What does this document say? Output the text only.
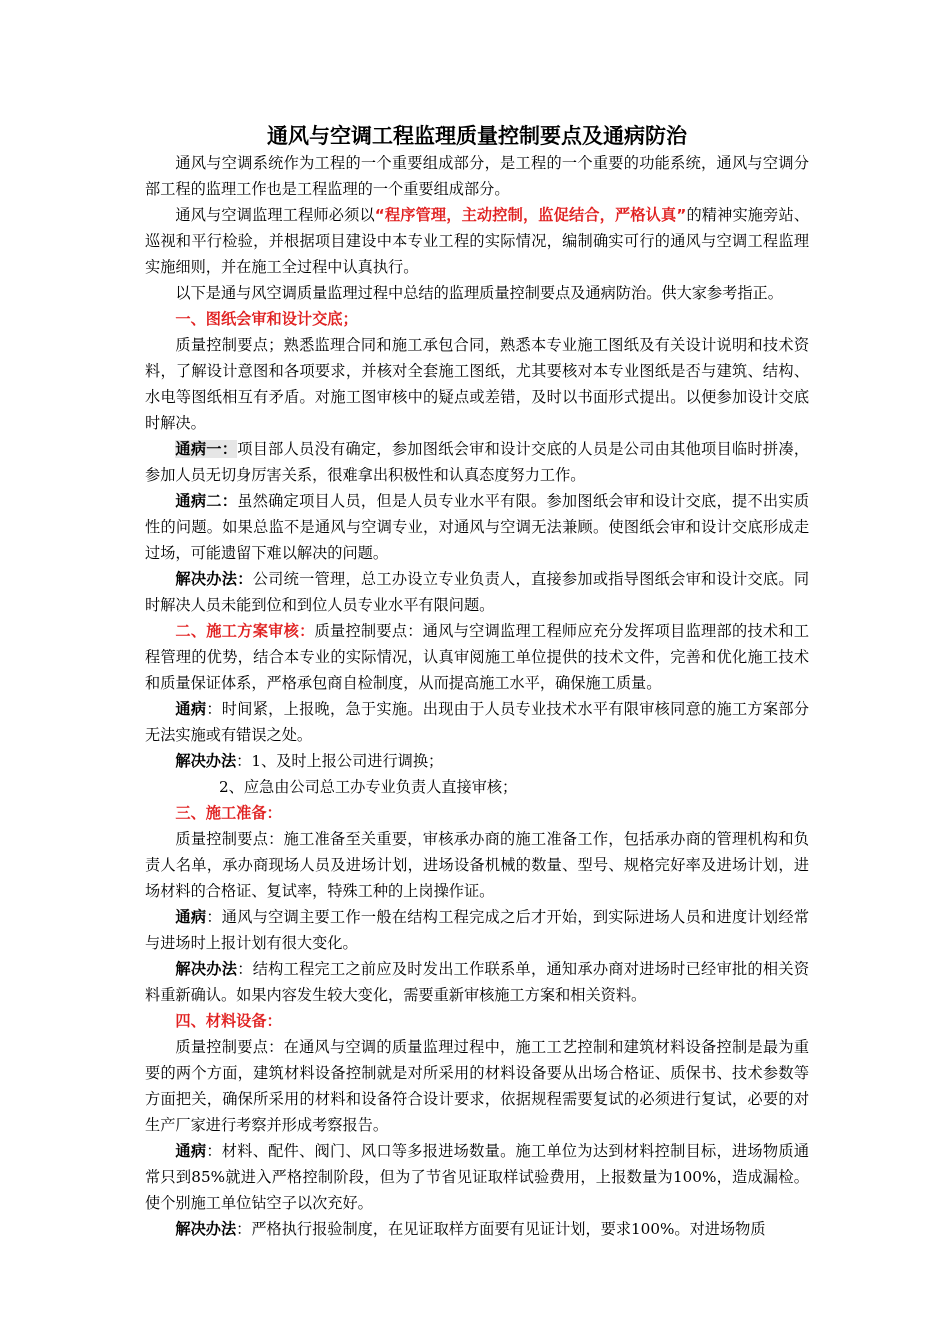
通风与空调工程监理质量控制要点及通病防治

通风与空调系统作为工程的一个重要组成部分，是工程的一个重要的功能系统，通风与空调分部工程的监理工作也是工程监理的一个重要组成部分。

通风与空调监理工程师必须以“程序管理，主动控制，监促结合，严格认真”的精神实施旁站、巡视和平行检验，并根据项目建设中本专业工程的实际情况，编制确实可行的通风与空调工程监理实施细则，并在施工全过程中认真执行。

以下是通与风空调质量监理过程中总结的监理质量控制要点及通病防治。供大家参考指正。

一、图纸会审和设计交底；

质量控制要点；熟悉监理合同和施工承包合同，熟悉本专业施工图纸及有关设计说明和技术资料，了解设计意图和各项要求，并核对全套施工图纸，尤其要核对本专业图纸是否与建筑、结构、水电等图纸相互有矛盾。对施工图审核中的疑点或差错，及时以书面形式提出。以便参加设计交底时解决。

通病一：项目部人员没有确定，参加图纸会审和设计交底的人员是公司由其他项目临时拼凑，参加人员无切身厉害关系，很难拿出积极性和认真态度努力工作。

通病二：虽然确定项目人员，但是人员专业水平有限。参加图纸会审和设计交底，提不出实质性的问题。如果总监不是通风与空调专业，对通风与空调无法兼顾。使图纸会审和设计交底形成走过场，可能遗留下难以解决的问题。

解决办法：公司统一管理，总工办设立专业负责人，直接参加或指导图纸会审和设计交底。同时解决人员未能到位和到位人员专业水平有限问题。

二、施工方案审核：质量控制要点：通风与空调监理工程师应充分发挥项目监理部的技术和工程管理的优势，结合本专业的实际情况，认真审阅施工单位提供的技术文件，完善和优化施工技术和质量保证体系，严格承包商自检制度，从而提高施工水平，确保施工质量。

通病：时间紧，上报晚，急于实施。出现由于人员专业技术水平有限审核同意的施工方案部分无法实施或有错误之处。

解决办法：1、及时上报公司进行调换；

2、应急由公司总工办专业负责人直接审核；

三、施工准备：

质量控制要点：施工准备至关重要，审核承办商的施工准备工作，包括承办商的管理机构和负责人名单，承办商现场人员及进场计划，进场设备机械的数量、型号、规格完好率及进场计划，进场材料的合格证、复试率，特殊工种的上岗操作证。

通病：通风与空调主要工作一般在结构工程完成之后才开始，到实际进场人员和进度计划经常与进场时上报计划有很大变化。

解决办法：结构工程完工之前应及时发出工作联系单，通知承办商对进场时已经审批的相关资料重新确认。如果内容发生较大变化，需要重新审核施工方案和相关资料。

四、材料设备：

质量控制要点：在通风与空调的质量监理过程中，施工工艺控制和建筑材料设备控制是最为重要的两个方面，建筑材料设备控制就是对所采用的材料设备要从出场合格证、质保书、技术参数等方面把关，确保所采用的材料和设备符合设计要求，依据规程需要复试的必须进行复试，必要的对生产厂家进行考察并形成考察报告。

通病：材料、配件、阀门、风口等多报进场数量。施工单位为达到材料控制目标，进场物质通常只到85%就进入严格控制阶段，但为了节省见证取样试验费用，上报数量为100%，造成漏检。使个别施工单位钻空子以次充好。

解决办法：严格执行报验制度，在见证取样方面要有见证计划，要求100%。对进场物质
